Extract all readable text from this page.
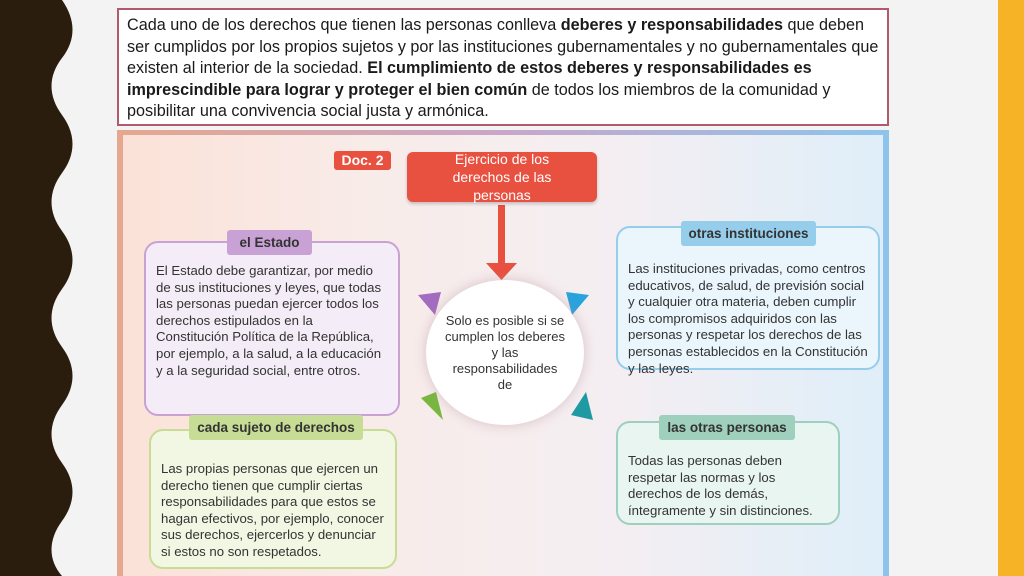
Cada uno de los derechos que tienen las personas conlleva deberes y responsabilidades que deben ser cumplidos por los propios sujetos y por las instituciones gubernamentales y no gubernamentales que existen al interior de la sociedad. El cumplimiento de estos deberes y responsabilidades es imprescindible para lograr y proteger el bien común de todos los miembros de la comunidad y posibilitar una convivencia social justa y armónica.
Doc. 2	Ejercicio de los derechos de las personas
Solo es posible si se cumplen los deberes y las responsabilidades de
El Estado debe garantizar, por medio de sus instituciones y leyes, que todas las personas puedan ejercer todos los derechos estipulados en la Constitución Política de la República, por ejemplo, a la salud, a la educación y a la seguridad social, entre otros.
el Estado
Las instituciones privadas, como centros educativos, de salud, de previsión social y cualquier otra materia, deben cumplir los compromisos adquiridos con las personas y respetar los derechos de las personas establecidos en la Constitución y las leyes.
otras instituciones
Las propias personas que ejercen un derecho tienen que cumplir ciertas responsabilidades para que estos se hagan efectivos, por ejemplo, conocer sus derechos, ejercerlos y denunciar si estos no son respetados.
cada sujeto de derechos
Todas las personas deben respetar las normas y los derechos de los demás, íntegramente y sin distinciones.
las otras personas
